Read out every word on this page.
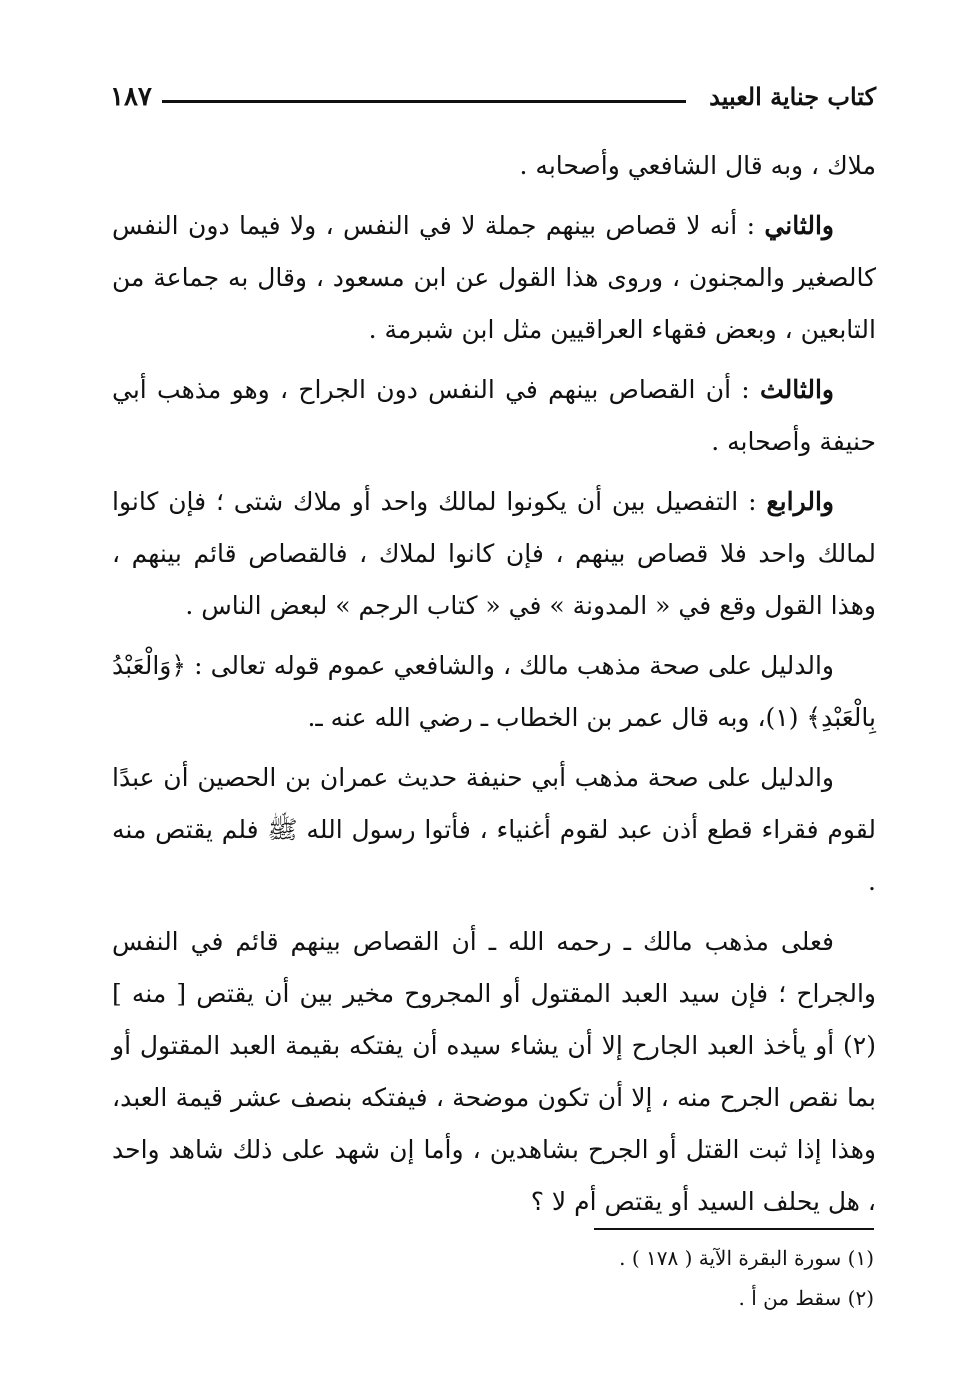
١٨٧	كتاب جناية العبيد

ملاك ، وبه قال الشافعي وأصحابه .

والثاني : أنه لا قصاص بينهم جملة لا في النفس ، ولا فيما دون النفس كالصغير والمجنون ، وروى هذا القول عن ابن مسعود ، وقال به جماعة من التابعين ، وبعض فقهاء العراقيين مثل ابن شبرمة .

والثالث : أن القصاص بينهم في النفس دون الجراح ، وهو مذهب أبي حنيفة وأصحابه .

والرابع : التفصيل بين أن يكونوا لمالك واحد أو ملاك شتى ؛ فإن كانوا لمالك واحد فلا قصاص بينهم ، فإن كانوا لملاك ، فالقصاص قائم بينهم ، وهذا القول وقع في « المدونة » في « كتاب الرجم » لبعض الناس .

والدليل على صحة مذهب مالك ، والشافعي عموم قوله تعالى : ﴿وَالْعَبْدُ بِالْعَبْدِ﴾ (١)، وبه قال عمر بن الخطاب ـ رضي الله عنه ـ.

والدليل على صحة مذهب أبي حنيفة حديث عمران بن الحصين أن عبدًا لقوم فقراء قطع أذن عبد لقوم أغنياء ، فأتوا رسول الله ﷺ فلم يقتص منه .

فعلى مذهب مالك ـ رحمه الله ـ أن القصاص بينهم قائم في النفس والجراح ؛ فإن سيد العبد المقتول أو المجروح مخير بين أن يقتص [ منه ] (٢) أو يأخذ العبد الجارح إلا أن يشاء سيده أن يفتكه بقيمة العبد المقتول أو بما نقص الجرح منه ، إلا أن تكون موضحة ، فيفتكه بنصف عشر قيمة العبد، وهذا إذا ثبت القتل أو الجرح بشاهدين ، وأما إن شهد على ذلك شاهد واحد ، هل يحلف السيد أو يقتص أم لا ؟

(١) سورة البقرة الآية ( ١٧٨ ) .

(٢) سقط من أ .
